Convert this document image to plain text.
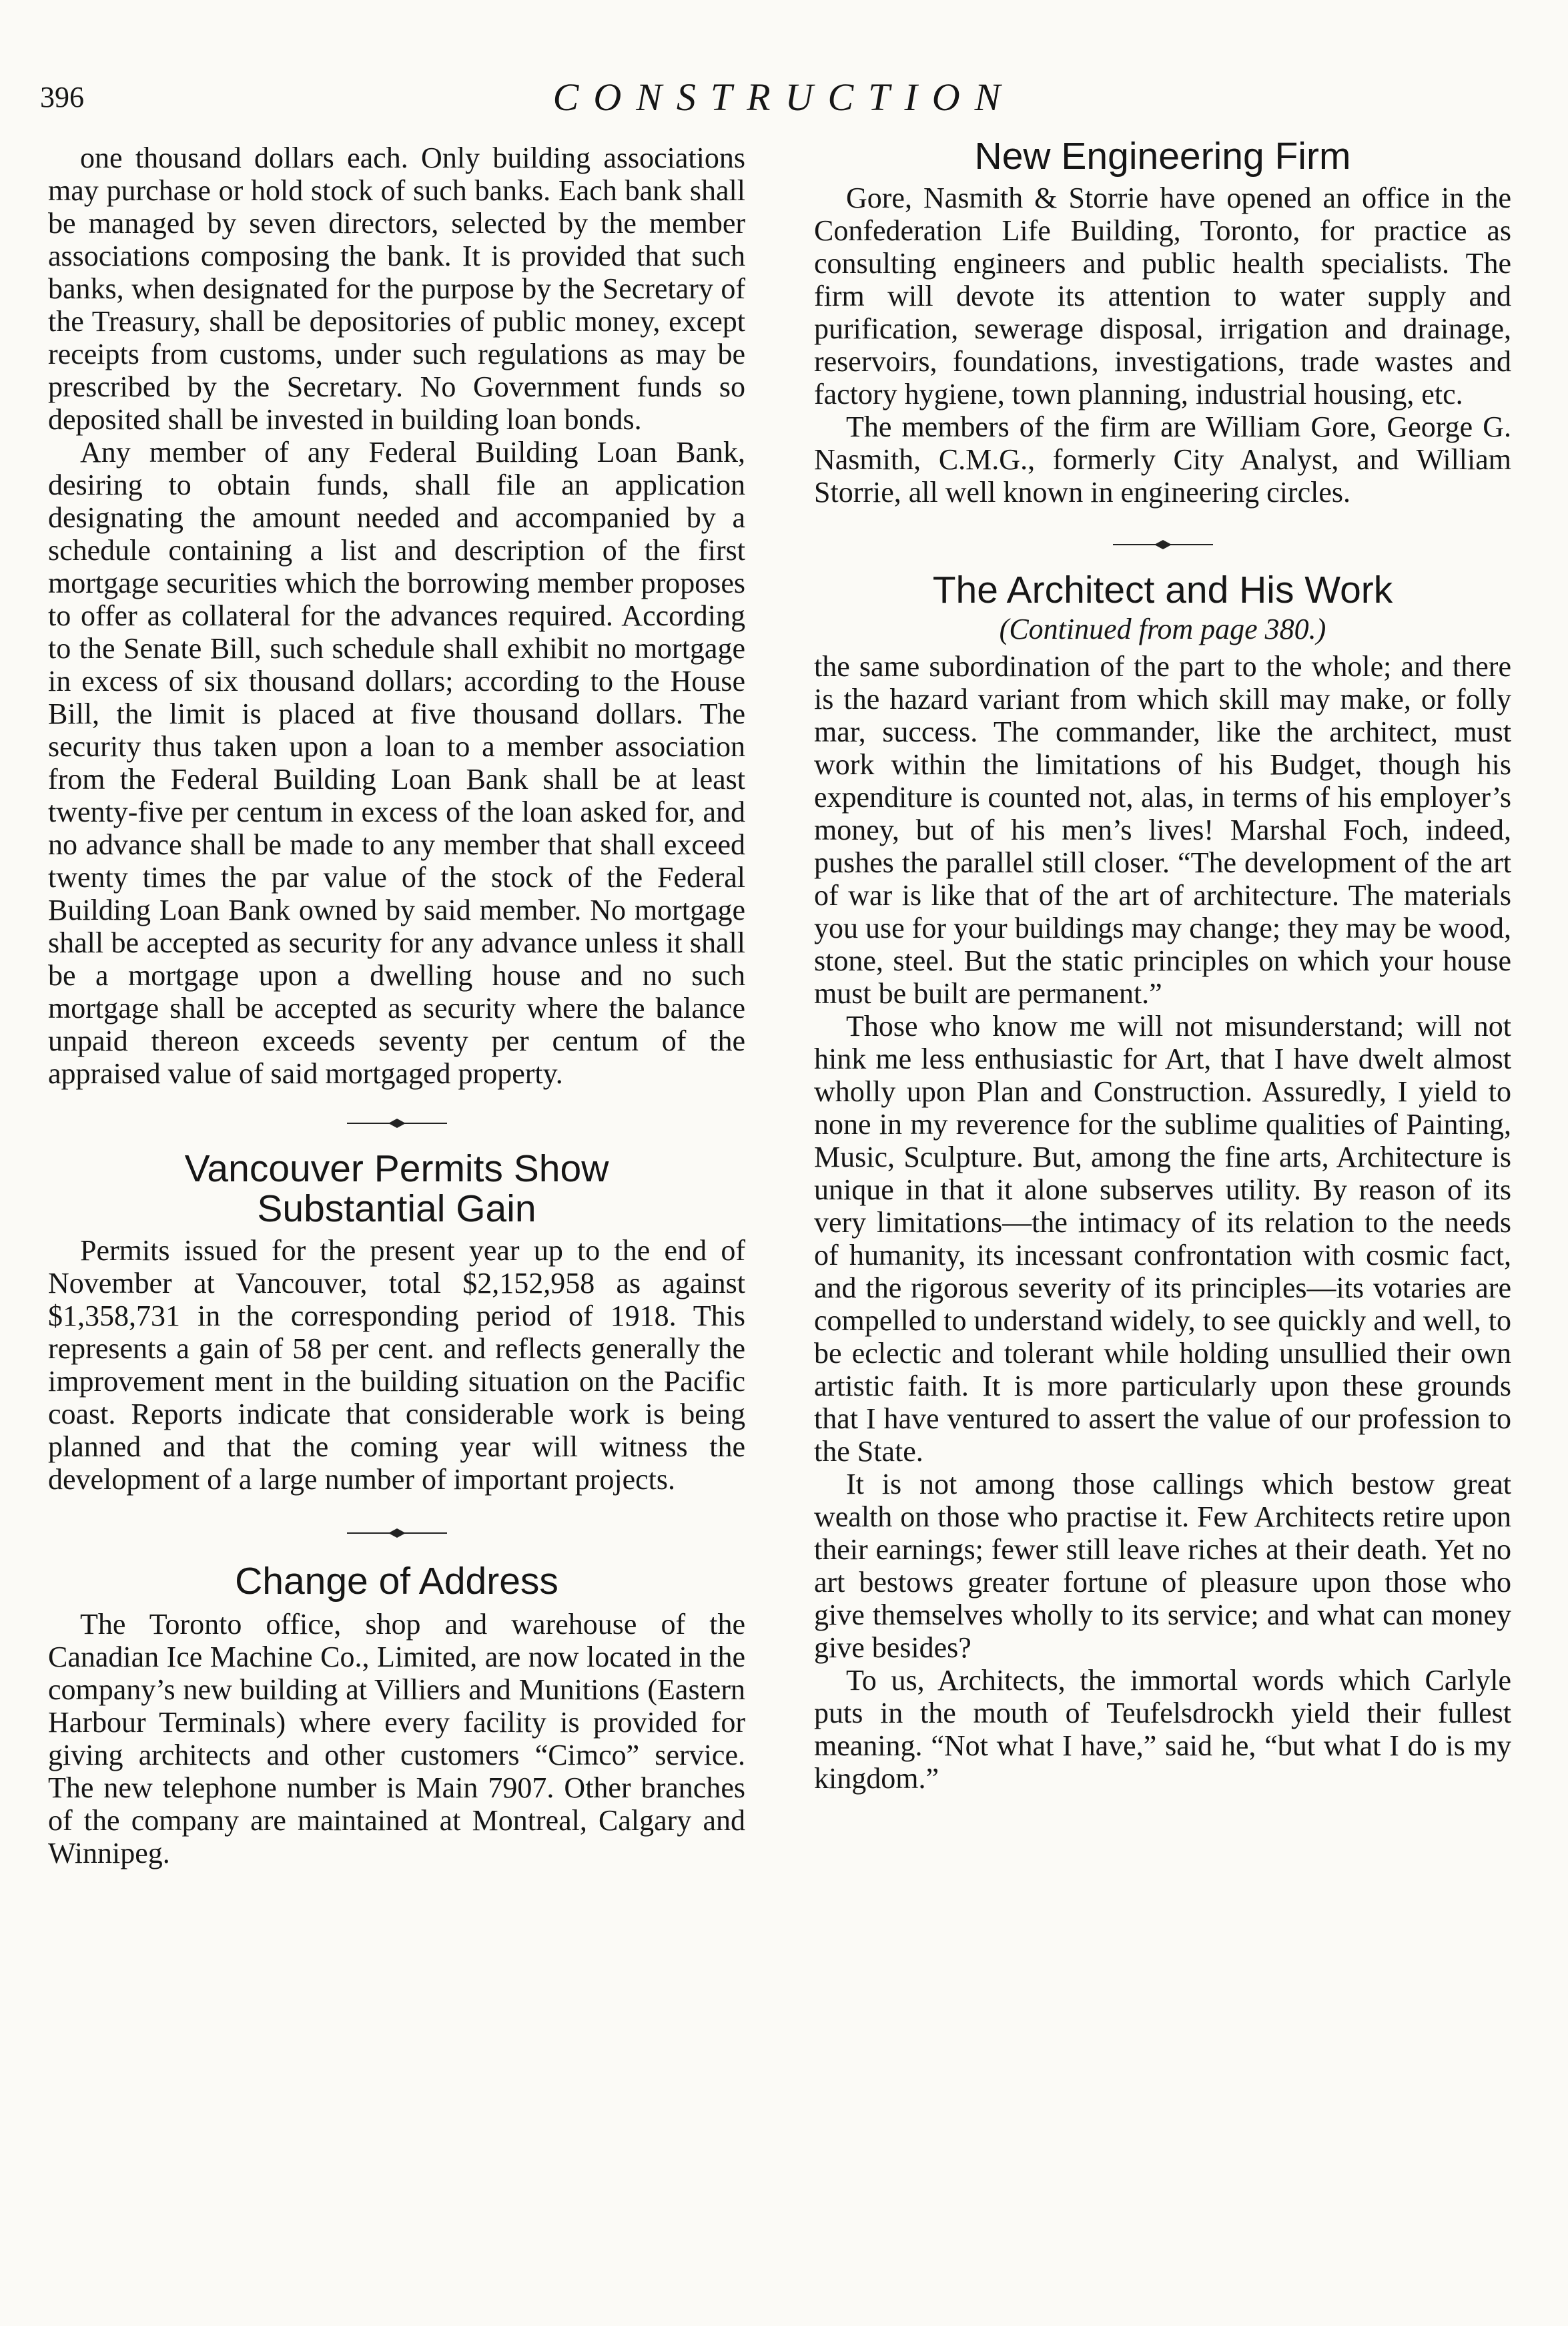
396	CONSTRUCTION

one thousand dollars each. Only building associations may purchase or hold stock of such banks. Each bank shall be managed by seven directors, selected by the member associations composing the bank. It is provided that such banks, when designated for the purpose by the Secretary of the Treasury, shall be depositories of public money, except receipts from customs, under such regulations as may be prescribed by the Secretary. No Government funds so deposited shall be invested in building loan bonds.

Any member of any Federal Building Loan Bank, desiring to obtain funds, shall file an application designating the amount needed and accompanied by a schedule containing a list and description of the first mortgage securities which the borrowing member proposes to offer as collateral for the advances required. According to the Senate Bill, such schedule shall exhibit no mortgage in excess of six thousand dollars; according to the House Bill, the limit is placed at five thousand dollars. The security thus taken upon a loan to a member association from the Federal Building Loan Bank shall be at least twenty-five per centum in excess of the loan asked for, and no advance shall be made to any member that shall exceed twenty times the par value of the stock of the Federal Building Loan Bank owned by said member. No mortgage shall be accepted as security for any advance unless it shall be a mortgage upon a dwelling house and no such mortgage shall be accepted as security where the balance unpaid thereon exceeds seventy per centum of the appraised value of said mortgaged property.

Vancouver Permits Show
Substantial Gain

Permits issued for the present year up to the end of November at Vancouver, total $2,152,958 as against $1,358,731 in the corresponding period of 1918. This represents a gain of 58 per cent. and reflects generally the improvement ment in the building situation on the Pacific coast. Reports indicate that considerable work is being planned and that the coming year will witness the development of a large number of important projects.

Change of Address

The Toronto office, shop and warehouse of the Canadian Ice Machine Co., Limited, are now located in the company’s new building at Villiers and Munitions (Eastern Harbour Terminals) where every facility is provided for giving architects and other customers “Cimco” service. The new telephone number is Main 7907. Other branches of the company are maintained at Montreal, Calgary and Winnipeg.

New Engineering Firm

Gore, Nasmith & Storrie have opened an office in the Confederation Life Building, Toronto, for practice as consulting engineers and public health specialists. The firm will devote its attention to water supply and purification, sewerage disposal, irrigation and drainage, reservoirs, foundations, investigations, trade wastes and factory hygiene, town planning, industrial housing, etc.

The members of the firm are William Gore, George G. Nasmith, C.M.G., formerly City Analyst, and William Storrie, all well known in engineering circles.

The Architect and His Work
(Continued from page 380.)

the same subordination of the part to the whole; and there is the hazard variant from which skill may make, or folly mar, success. The commander, like the architect, must work within the limitations of his Budget, though his expenditure is counted not, alas, in terms of his employer’s money, but of his men’s lives! Marshal Foch, indeed, pushes the parallel still closer. “The development of the art of war is like that of the art of architecture. The materials you use for your buildings may change; they may be wood, stone, steel. But the static principles on which your house must be built are permanent.”

Those who know me will not misunderstand; will not hink me less enthusiastic for Art, that I have dwelt almost wholly upon Plan and Construction. Assuredly, I yield to none in my reverence for the sublime qualities of Painting, Music, Sculpture. But, among the fine arts, Architecture is unique in that it alone subserves utility. By reason of its very limitations—the intimacy of its relation to the needs of humanity, its incessant confrontation with cosmic fact, and the rigorous severity of its principles—its votaries are compelled to understand widely, to see quickly and well, to be eclectic and tolerant while holding unsullied their own artistic faith. It is more particularly upon these grounds that I have ventured to assert the value of our profession to the State.

It is not among those callings which bestow great wealth on those who practise it. Few Architects retire upon their earnings; fewer still leave riches at their death. Yet no art bestows greater fortune of pleasure upon those who give themselves wholly to its service; and what can money give besides?

To us, Architects, the immortal words which Carlyle puts in the mouth of Teufelsdrockh yield their fullest meaning. “Not what I have,” said he, “but what I do is my kingdom.”
